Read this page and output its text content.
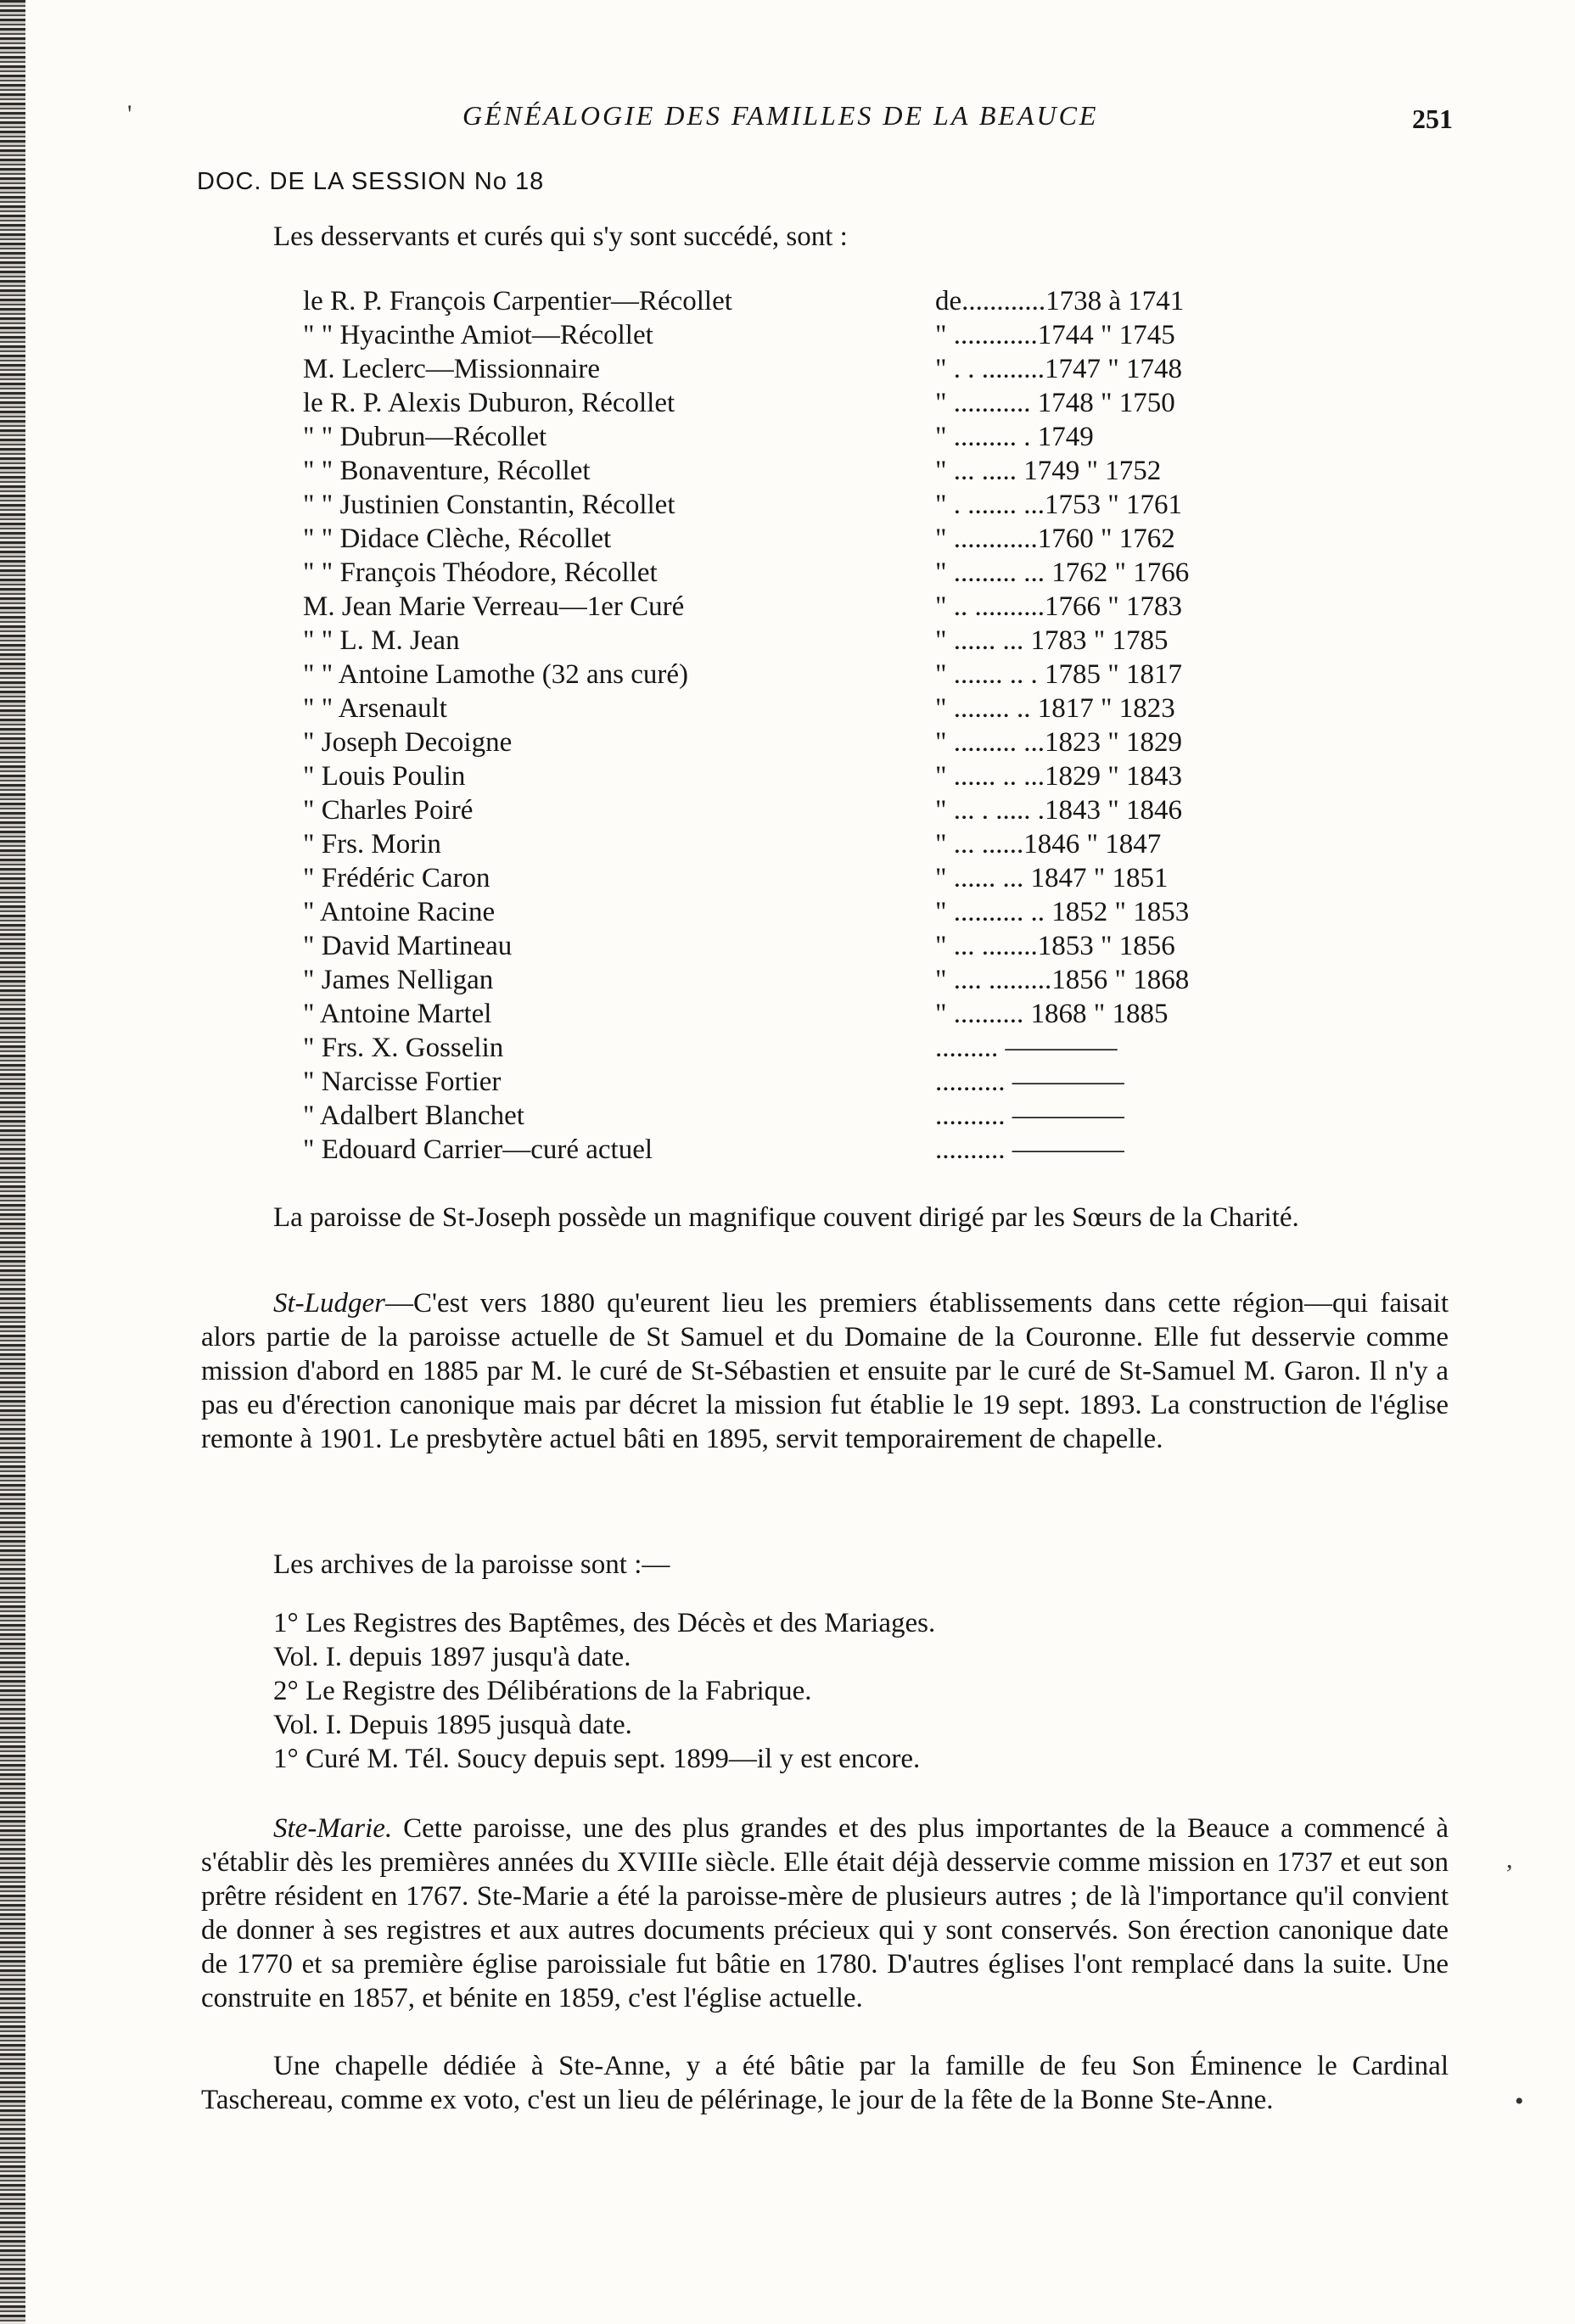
'
,
•
GÉNÉALOGIE DES FAMILLES DE LA BEAUCE	251
DOC. DE LA SESSION No 18
Les desservants et curés qui s'y sont succédé, sont :
le R. P. François Carpentier—Récollet	de............1738 à 1741
" " Hyacinthe Amiot—Récollet	" ............1744 " 1745
M. Leclerc—Missionnaire	" . . .........1747 " 1748
le R. P. Alexis Duburon, Récollet	" ........... 1748 " 1750
" " Dubrun—Récollet	" ......... . 1749
" " Bonaventure, Récollet	" ... ..... 1749 " 1752
" " Justinien Constantin, Récollet	" . ....... ...1753 " 1761
" " Didace Clèche, Récollet	" ............1760 " 1762
" " François Théodore, Récollet	" ......... ... 1762 " 1766
M. Jean Marie Verreau—1er Curé	" .. ..........1766 " 1783
" " L. M. Jean	" ...... ... 1783 " 1785
" " Antoine Lamothe (32 ans curé)	" ....... .. . 1785 " 1817
" " Arsenault	" ........ .. 1817 " 1823
" Joseph Decoigne	" ......... ...1823 " 1829
" Louis Poulin	" ...... .. ...1829 " 1843
" Charles Poiré	" ... . ..... .1843 " 1846
" Frs. Morin	" ... ......1846 " 1847
" Frédéric Caron	" ...... ... 1847 " 1851
" Antoine Racine	" .......... .. 1852 " 1853
" David Martineau	" ... ........1853 " 1856
" James Nelligan	" .... .........1856 " 1868
" Antoine Martel	" .......... 1868 " 1885
" Frs. X. Gosselin	......... ————
" Narcisse Fortier	.......... ————
" Adalbert Blanchet	.......... ————
" Edouard Carrier—curé actuel	.......... ————
La paroisse de St-Joseph possède un magnifique couvent dirigé par les Sœurs de la Charité.
St-Ludger—C'est vers 1880 qu'eurent lieu les premiers établissements dans cette région—qui faisait alors partie de la paroisse actuelle de St Samuel et du Domaine de la Couronne. Elle fut desservie comme mission d'abord en 1885 par M. le curé de St-Sébastien et ensuite par le curé de St-Samuel M. Garon. Il n'y a pas eu d'érection canonique mais par décret la mission fut établie le 19 sept. 1893. La construction de l'église remonte à 1901. Le presbytère actuel bâti en 1895, servit temporairement de chapelle.
Les archives de la paroisse sont :—
1° Les Registres des Baptêmes, des Décès et des Mariages.
Vol. I. depuis 1897 jusqu'à date.
2° Le Registre des Délibérations de la Fabrique.
Vol. I. Depuis 1895 jusquà date.
1° Curé M. Tél. Soucy depuis sept. 1899—il y est encore.
Ste-Marie. Cette paroisse, une des plus grandes et des plus importantes de la Beauce a commencé à s'établir dès les premières années du XVIIIe siècle. Elle était déjà desservie comme mission en 1737 et eut son prêtre résident en 1767. Ste-Marie a été la paroisse-mère de plusieurs autres ; de là l'importance qu'il convient de donner à ses registres et aux autres documents précieux qui y sont conservés. Son érection canonique date de 1770 et sa première église paroissiale fut bâtie en 1780. D'autres églises l'ont remplacé dans la suite. Une construite en 1857, et bénite en 1859, c'est l'église actuelle.
Une chapelle dédiée à Ste-Anne, y a été bâtie par la famille de feu Son Éminence le Cardinal Taschereau, comme ex voto, c'est un lieu de pélérinage, le jour de la fête de la Bonne Ste-Anne.
